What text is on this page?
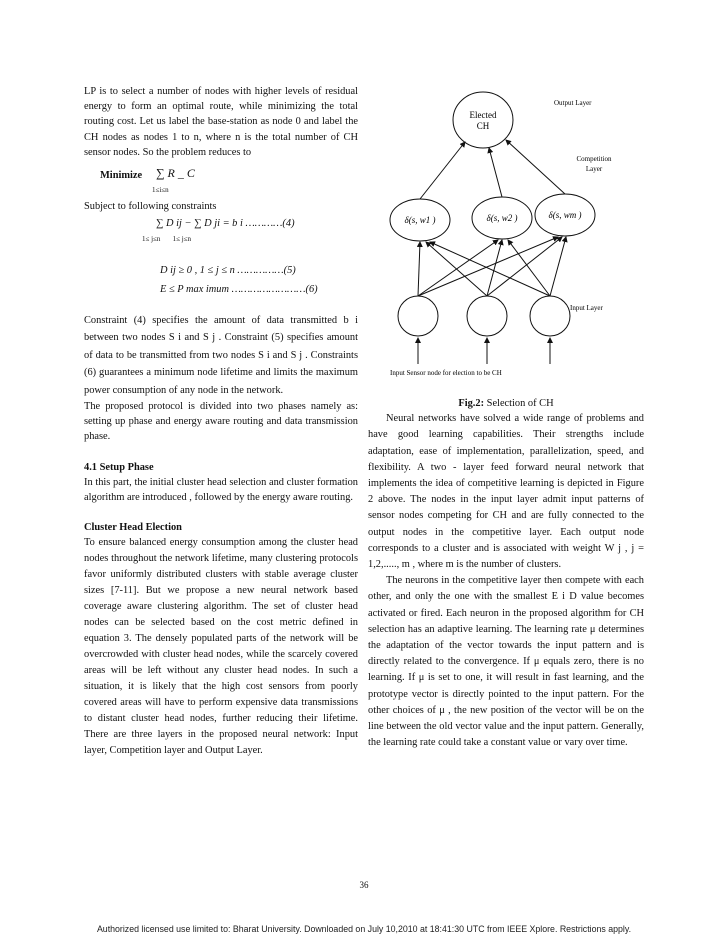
LP is to select a number of nodes with higher levels of residual energy to form an optimal route, while minimizing the total routing cost. Let us label the base-station as node 0 and label the CH nodes as nodes 1 to n, where n is the total number of CH sensor nodes. So the problem reduces to

Minimize ∑ R _ C
1≤i≤n
Subject to following constraints
∑ D ij − ∑ D ji = b i …………(4)
1≤ j≤n       1≤ j≤n
D ij ≥ 0 , 1 ≤ j ≤ n ……………(5)
E ≤ P max imum ……………………(6)

Constraint (4) specifies the amount of data transmitted b i between two nodes S i and S j . Constraint (5) specifies amount of data to be transmitted from two nodes S i and S j . Constraints (6) guarantees a minimum node lifetime and limits the maximum power consumption of any node in the network.

The proposed protocol is divided into two phases namely as: setting up phase and energy aware routing and data transmission phase.

4.1 Setup Phase

In this part, the initial cluster head selection and cluster formation algorithm are introduced , followed by the energy aware routing.

Cluster Head Election

To ensure balanced energy consumption among the cluster head nodes throughout the network lifetime, many clustering protocols favor uniformly distributed clusters with stable average cluster sizes [7-11]. But we propose a new neural network based coverage aware clustering algorithm. The set of cluster head nodes can be selected based on the cost metric defined in equation 3. The densely populated parts of the network will be overcrowded with cluster head nodes, while the scarcely covered areas will be left without any cluster head nodes. In such a situation, it is likely that the high cost sensors from poorly covered areas will have to perform expensive data transmissions to distant cluster head nodes, further reducing their lifetime. There are three layers in the proposed neural network: Input layer, Competition layer and Output Layer.

Output Layer
Elected
CH
Competition
Layer
δ(s, w1 )	δ(s, w2 )	δ(s, wm )
Input Layer
Input Sensor node for election to be CH

Fig.2: Selection of CH

Neural networks have solved a wide range of problems and have good learning capabilities. Their strengths include adaptation, ease of implementation, parallelization, speed, and flexibility. A two - layer feed forward neural network that implements the idea of competitive learning is depicted in Figure 2 above. The nodes in the input layer admit input patterns of sensor nodes competing for CH and are fully connected to the output nodes in the competitive layer. Each output node corresponds to a cluster and is associated with weight W j , j = 1,2,....., m , where m is the number of clusters.

The neurons in the competitive layer then compete with each other, and only the one with the smallest E i D value becomes activated or fired. Each neuron in the proposed algorithm for CH selection has an adaptive learning. The learning rate μ determines the adaptation of the vector towards the input pattern and is directly related to the convergence. If μ equals zero, there is no learning. If μ is set to one, it will result in fast learning, and the prototype vector is directly pointed to the input pattern. For the other choices of μ , the new position of the vector will be on the line between the old vector value and the input pattern. Generally, the learning rate could take a constant value or vary over time.

36
Authorized licensed use limited to: Bharat University. Downloaded on July 10,2010 at 18:41:30 UTC from IEEE Xplore. Restrictions apply.
